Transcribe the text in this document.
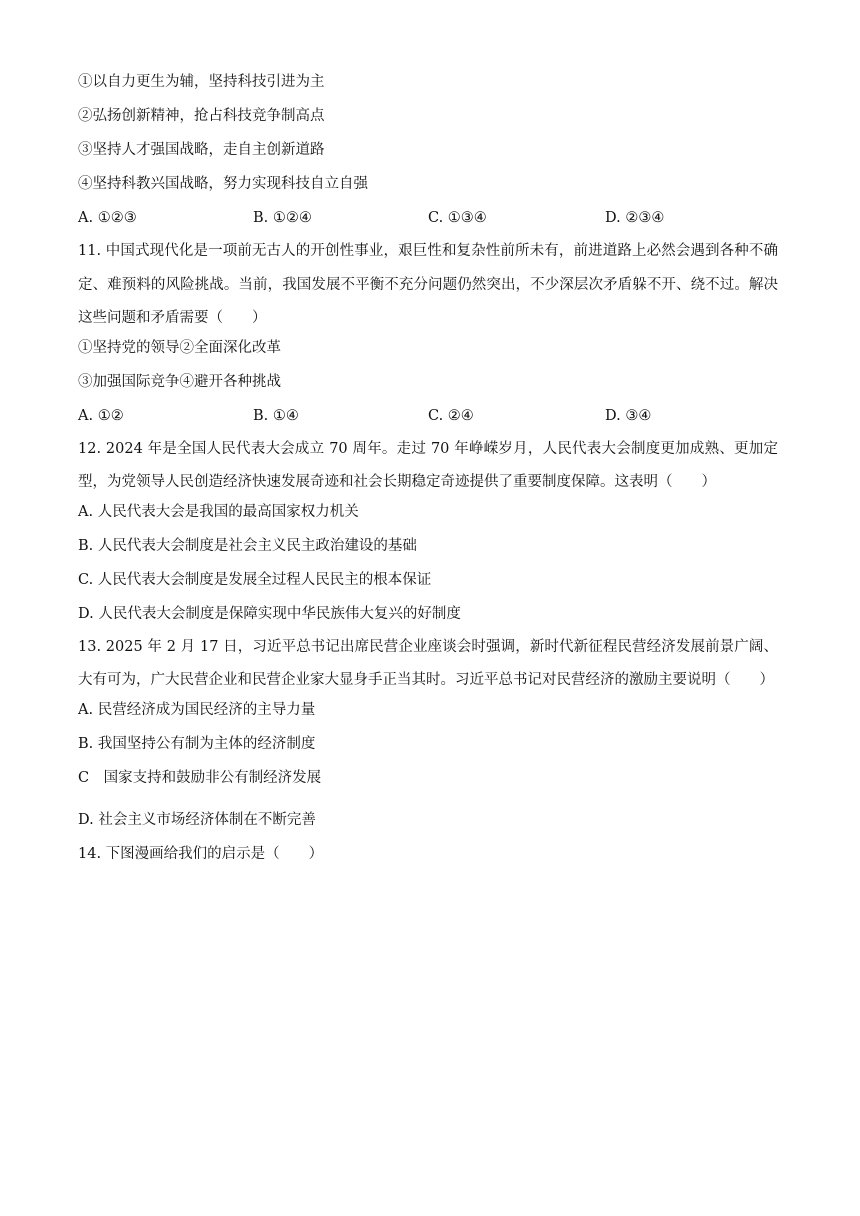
①以自力更生为辅，坚持科技引进为主
②弘扬创新精神，抢占科技竞争制高点
③坚持人才强国战略，走自主创新道路
④坚持科教兴国战略，努力实现科技自立自强
A. ①②③	B. ①②④	C. ①③④	D. ②③④
11. 中国式现代化是一项前无古人的开创性事业，艰巨性和复杂性前所未有，前进道路上必然会遇到各种不确定、难预料的风险挑战。当前，我国发展不平衡不充分问题仍然突出，不少深层次矛盾躲不开、绕不过。解决这些问题和矛盾需要（　　）
①坚持党的领导②全面深化改革
③加强国际竞争④避开各种挑战
A. ①②	B. ①④	C. ②④	D. ③④
12. 2024 年是全国人民代表大会成立 70 周年。走过 70 年峥嵘岁月，人民代表大会制度更加成熟、更加定型，为党领导人民创造经济快速发展奇迹和社会长期稳定奇迹提供了重要制度保障。这表明（　　）
A. 人民代表大会是我国的最高国家权力机关
B. 人民代表大会制度是社会主义民主政治建设的基础
C. 人民代表大会制度是发展全过程人民民主的根本保证
D. 人民代表大会制度是保障实现中华民族伟大复兴的好制度
13. 2025 年 2 月 17 日，习近平总书记出席民营企业座谈会时强调，新时代新征程民营经济发展前景广阔、大有可为，广大民营企业和民营企业家大显身手正当其时。习近平总书记对民营经济的激励主要说明（　　）
A. 民营经济成为国民经济的主导力量
B. 我国坚持公有制为主体的经济制度
C　国家支持和鼓励非公有制经济发展
D. 社会主义市场经济体制在不断完善
14. 下图漫画给我们的启示是（　　）
